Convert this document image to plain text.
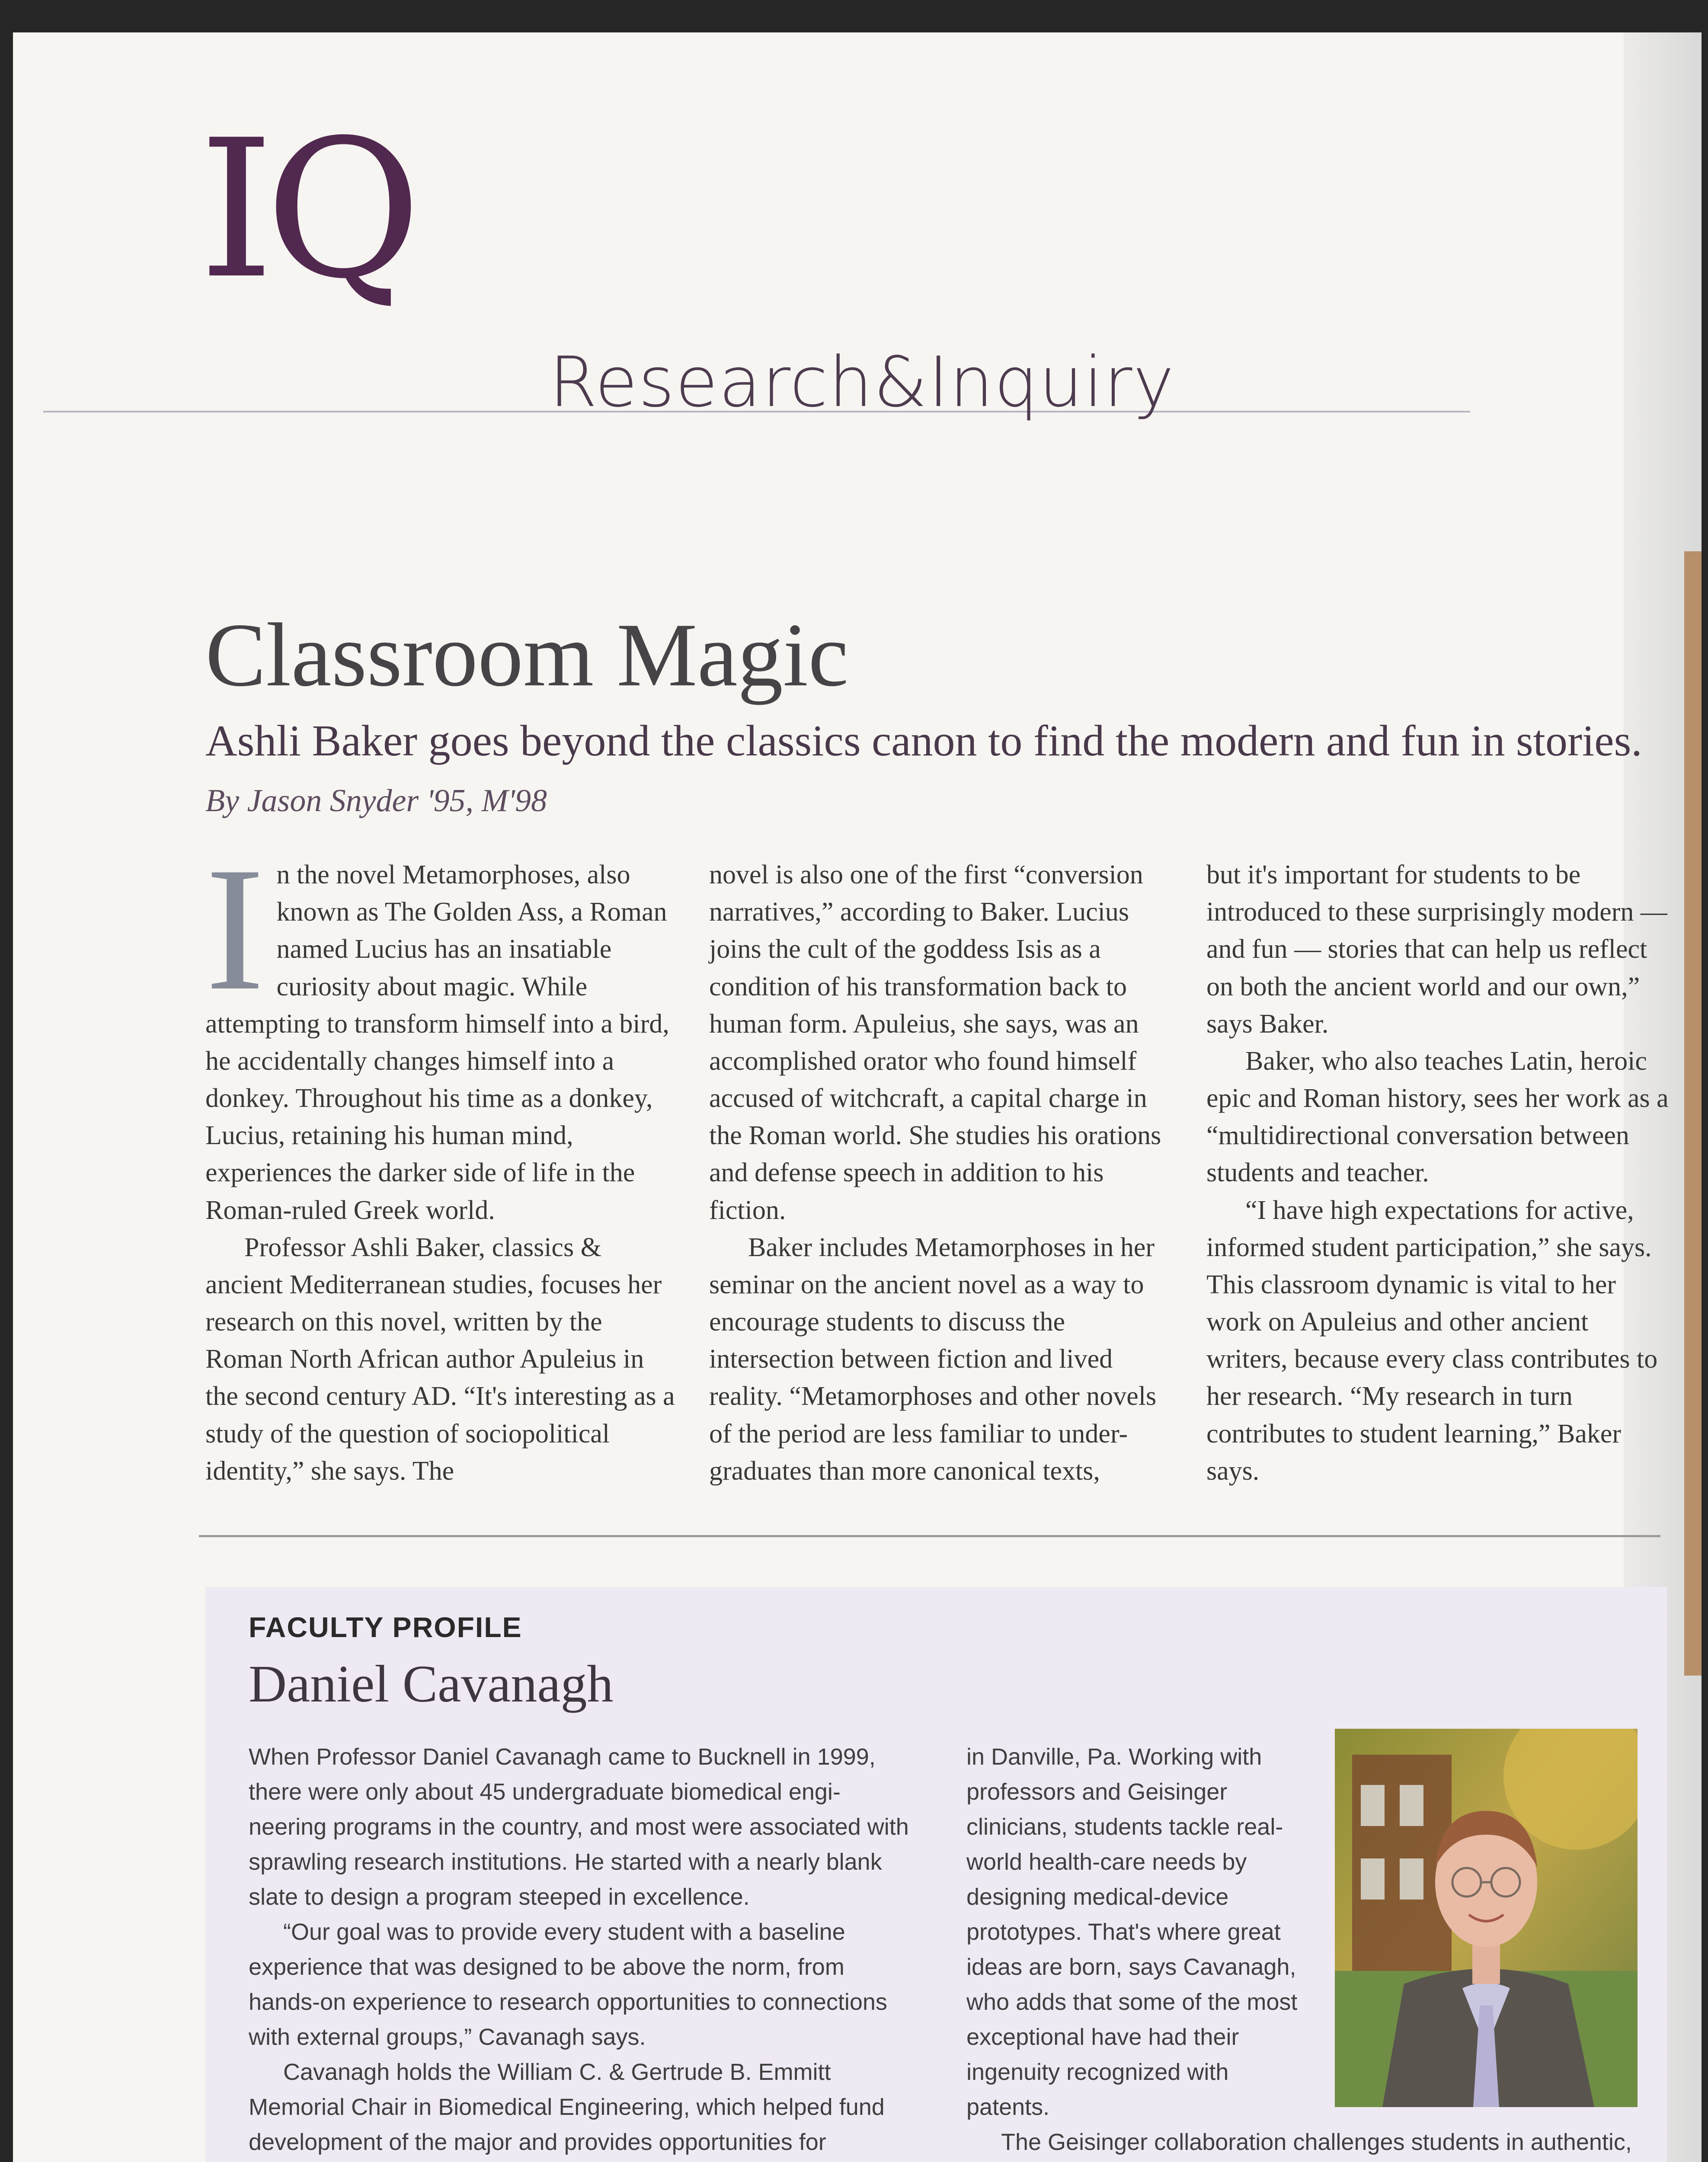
IQ
Research&Inquiry
Classroom Magic
Ashli Baker goes beyond the classics canon to find the modern and fun in stories.
By Jason Snyder '95, M'98
I n the novel Metamorphoses, also known as The Golden Ass, a Roman named Lucius has an insatiable curiosity about magic. While attempting to transform himself into a bird, he accidentally changes himself into a donkey. Throughout his time as a donkey, Lucius, retaining his human mind, experiences the darker side of life in the Roman-ruled Greek world.

Professor Ashli Baker, classics & ancient Mediterranean studies, focuses her research on this novel, written by the Roman North African author Apuleius in the second century AD. “It's interesting as a study of the question of sociopolitical identity,” she says. The

novel is also one of the first “conversion narratives,” according to Baker. Lucius joins the cult of the goddess Isis as a condition of his transformation back to human form. Apuleius, she says, was an accomplished orator who found himself accused of witchcraft, a capital charge in the Roman world. She studies his orations and defense speech in addition to his fiction.

Baker includes Metamorphoses in her seminar on the ancient novel as a way to encourage students to discuss the intersection between fiction and lived reality. “Metamorphoses and other novels of the period are less familiar to under-graduates than more canonical texts,

but it's important for students to be introduced to these surprisingly modern — and fun — stories that can help us reflect on both the ancient world and our own,” says Baker.

Baker, who also teaches Latin, heroic epic and Roman history, sees her work as a “multidirectional conversation between students and teacher.

“I have high expectations for active, informed student participation,” she says. This classroom dynamic is vital to her work on Apuleius and other ancient writers, because every class contributes to her research. “My research in turn contributes to student learning,” Baker says.

FACULTY PROFILE
Daniel Cavanagh

When Professor Daniel Cavanagh came to Bucknell in 1999, there were only about 45 undergraduate biomedical engi-neering programs in the country, and most were associated with sprawling research institutions. He started with a nearly blank slate to design a program steeped in excellence.

“Our goal was to provide every student with a baseline experience that was designed to be above the norm, from hands-on experience to research opportunities to connections with external groups,” Cavanagh says.

Cavanagh holds the William C. & Gertrude B. Emmitt Memorial Chair in Biomedical Engineering, which helped fund development of the major and provides opportunities for

in Danville, Pa. Working with professors and Geisinger clinicians, students tackle real-world health-care needs by designing medical-device prototypes. That's where great ideas are born, says Cavanagh, who adds that some of the most exceptional have had their ingenuity recognized with patents.

The Geisinger collaboration challenges students in authentic,
